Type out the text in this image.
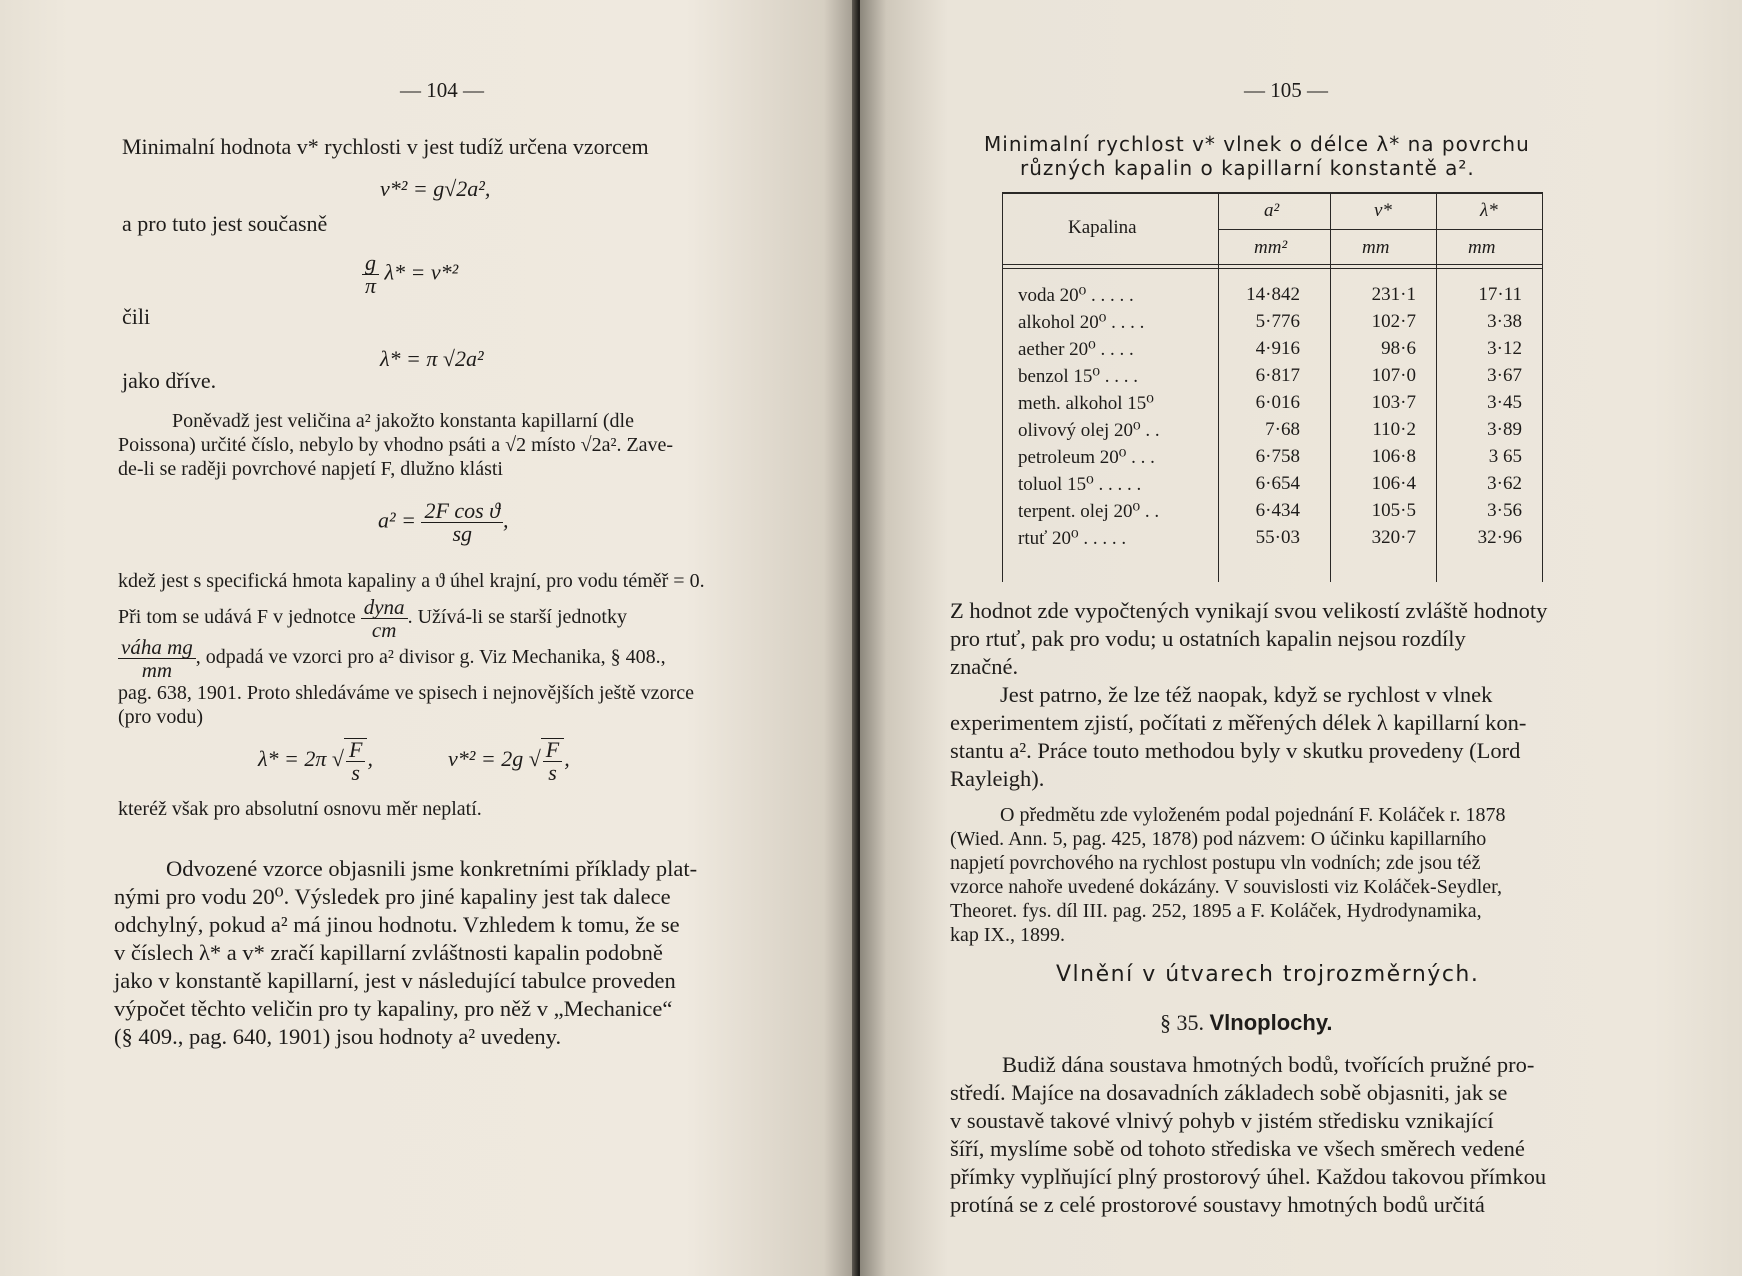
— 104 —
Minimalní hodnota v* rychlosti v jest tudíž určena vzorcem
v*² = g√2a²,
a pro tuto jest současně
$\frac{g}{\pi} \lambda* = v*^2$
čili
λ* = π √2a²
jako dříve.
Poněvadž jest veličina a² jakožto konstanta kapillarní (dle
Poissona) určité číslo, nebylo by vhodno psáti a √2 místo √2a². Zave-
de-li se raději povrchové napjetí F, dlužno klásti
$a^2 = \frac{\text{2F cos ϑ}}{sg}$ ,
kdež jest s specifická hmota kapaliny a ϑ úhel krajní, pro vodu téměř = 0.
Při tom se udává F v jednotce $\frac{\text{dyna}}{cm}$ . Užívá-li se starší jednotky
$\frac{\text{váha mg}}{mm}$ , odpadá ve vzorci pro a² divisor g. Viz Mechanika, § 408.,
pag. 638, 1901. Proto shledáváme ve spisech i nejnovějších ještě vzorce
(pro vodu)
λ* = 2π √ $\frac{F}{s}$ ,	v*² = 2g √ $\frac{F}{s}$ ,
kteréž však pro absolutní osnovu měr neplatí.
Odvozené vzorce objasnili jsme konkretními příklady plat-
nými pro vodu 20⁰. Výsledek pro jiné kapaliny jest tak dalece
odchylný, pokud a² má jinou hodnotu. Vzhledem k tomu, že se
v číslech λ* a v* zračí kapillarní zvláštnosti kapalin podobně
jako v konstantě kapillarní, jest v následující tabulce proveden
výpočet těchto veličin pro ty kapaliny, pro něž v „Mechanice“
(§ 409., pag. 640, 1901) jsou hodnoty a² uvedeny.
— 105 —
Minimalní rychlost v* vlnek o délce λ* na povrchu
různých kapalin o kapillarní konstantě a².
Kapalina
a²	v*	λ*
mm²	mm	mm
voda 20⁰ . . . . .	14·842	231·1	17·11
alkohol 20⁰ . . . .	5·776	102·7	3·38
aether 20⁰ . . . .	4·916	98·6	3·12
benzol 15⁰ . . . .	6·817	107·0	3·67
meth. alkohol 15⁰	6·016	103·7	3·45
olivový olej 20⁰ . .	7·68	110·2	3·89
petroleum 20⁰ . . .	6·758	106·8	3 65
toluol 15⁰ . . . . .	6·654	106·4	3·62
terpent. olej 20⁰ . .	6·434	105·5	3·56
rtuť 20⁰ . . . . .	55·03	320·7	32·96
Z hodnot zde vypočtených vynikají svou velikostí zvláště hodnoty
pro rtuť, pak pro vodu; u ostatních kapalin nejsou rozdíly
značné.
Jest patrno, že lze též naopak, když se rychlost v vlnek
experimentem zjistí, počítati z měřených délek λ kapillarní kon-
stantu a². Práce touto methodou byly v skutku provedeny (Lord
Rayleigh).
O předmětu zde vyloženém podal pojednání F. Koláček r. 1878
(Wied. Ann. 5, pag. 425, 1878) pod názvem: O účinku kapillarního
napjetí povrchového na rychlost postupu vln vodních; zde jsou též
vzorce nahoře uvedené dokázány. V souvislosti viz Koláček-Seydler,
Theoret. fys. díl III. pag. 252, 1895 a F. Koláček, Hydrodynamika,
kap IX., 1899.
Vlnění v útvarech trojrozměrných.
§ 35. Vlnoplochy.
Budiž dána soustava hmotných bodů, tvořících pružné pro-
středí. Majíce na dosavadních základech sobě objasniti, jak se
v soustavě takové vlnivý pohyb v jistém středisku vznikající
šíří, myslíme sobě od tohoto střediska ve všech směrech vedené
přímky vyplňující plný prostorový úhel. Každou takovou přímkou
protíná se z celé prostorové soustavy hmotných bodů určitá
